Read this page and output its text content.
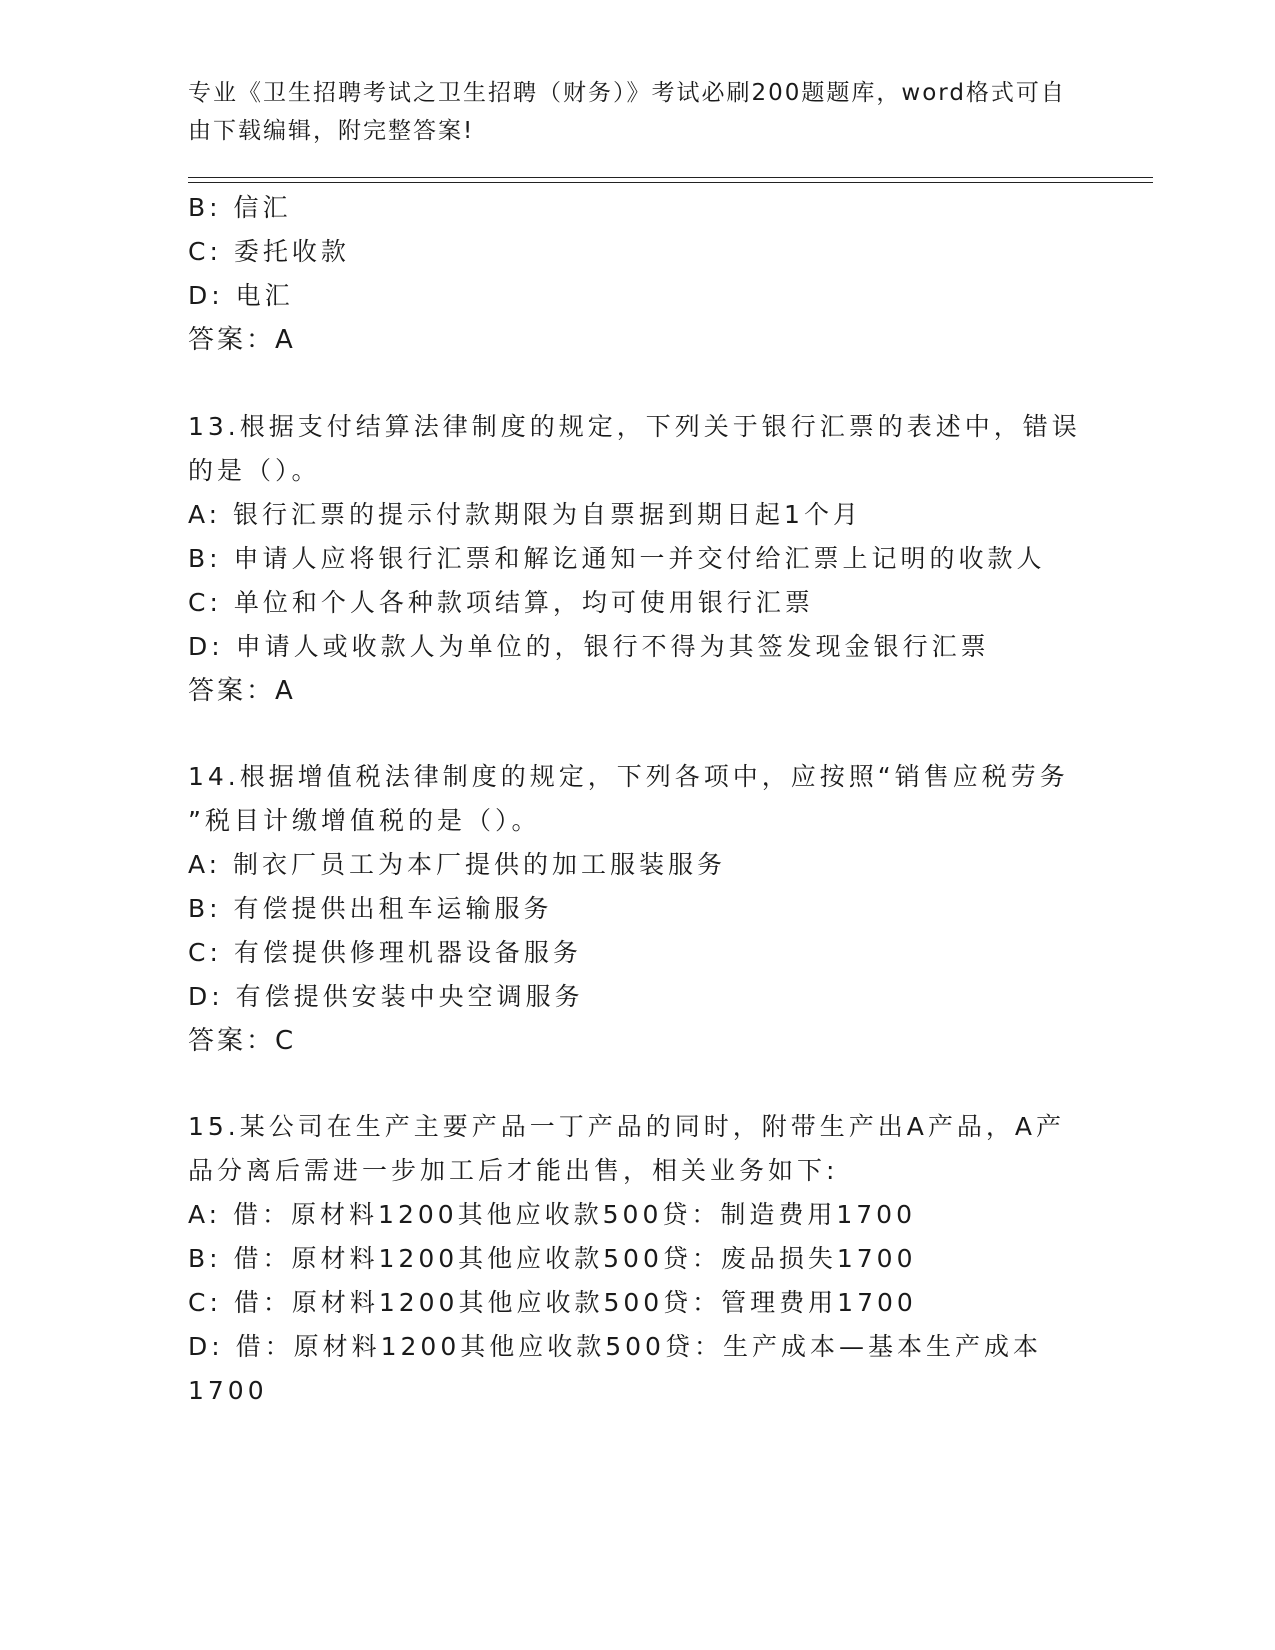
专业《卫生招聘考试之卫生招聘（财务）》考试必刷200题题库，word格式可自由下载编辑，附完整答案!
B: 信汇
C: 委托收款
D: 电汇
答案：A
13.根据支付结算法律制度的规定，下列关于银行汇票的表述中，错误
的是（）。
A: 银行汇票的提示付款期限为自票据到期日起1个月
B: 申请人应将银行汇票和解讫通知一并交付给汇票上记明的收款人
C: 单位和个人各种款项结算，均可使用银行汇票
D: 申请人或收款人为单位的，银行不得为其签发现金银行汇票
答案：A
14.根据增值税法律制度的规定，下列各项中，应按照“销售应税劳务
”税目计缴增值税的是（）。
A: 制衣厂员工为本厂提供的加工服装服务
B: 有偿提供出租车运输服务
C: 有偿提供修理机器设备服务
D: 有偿提供安装中央空调服务
答案：C
15.某公司在生产主要产品一丁产品的同时，附带生产出A产品，A产
品分离后需进一步加工后才能出售，相关业务如下:
A: 借：原材料1200其他应收款500贷：制造费用1700
B: 借：原材料1200其他应收款500贷：废品损失1700
C: 借：原材料1200其他应收款500贷：管理费用1700
D: 借：原材料1200其他应收款500贷：生产成本—基本生产成本
1700
